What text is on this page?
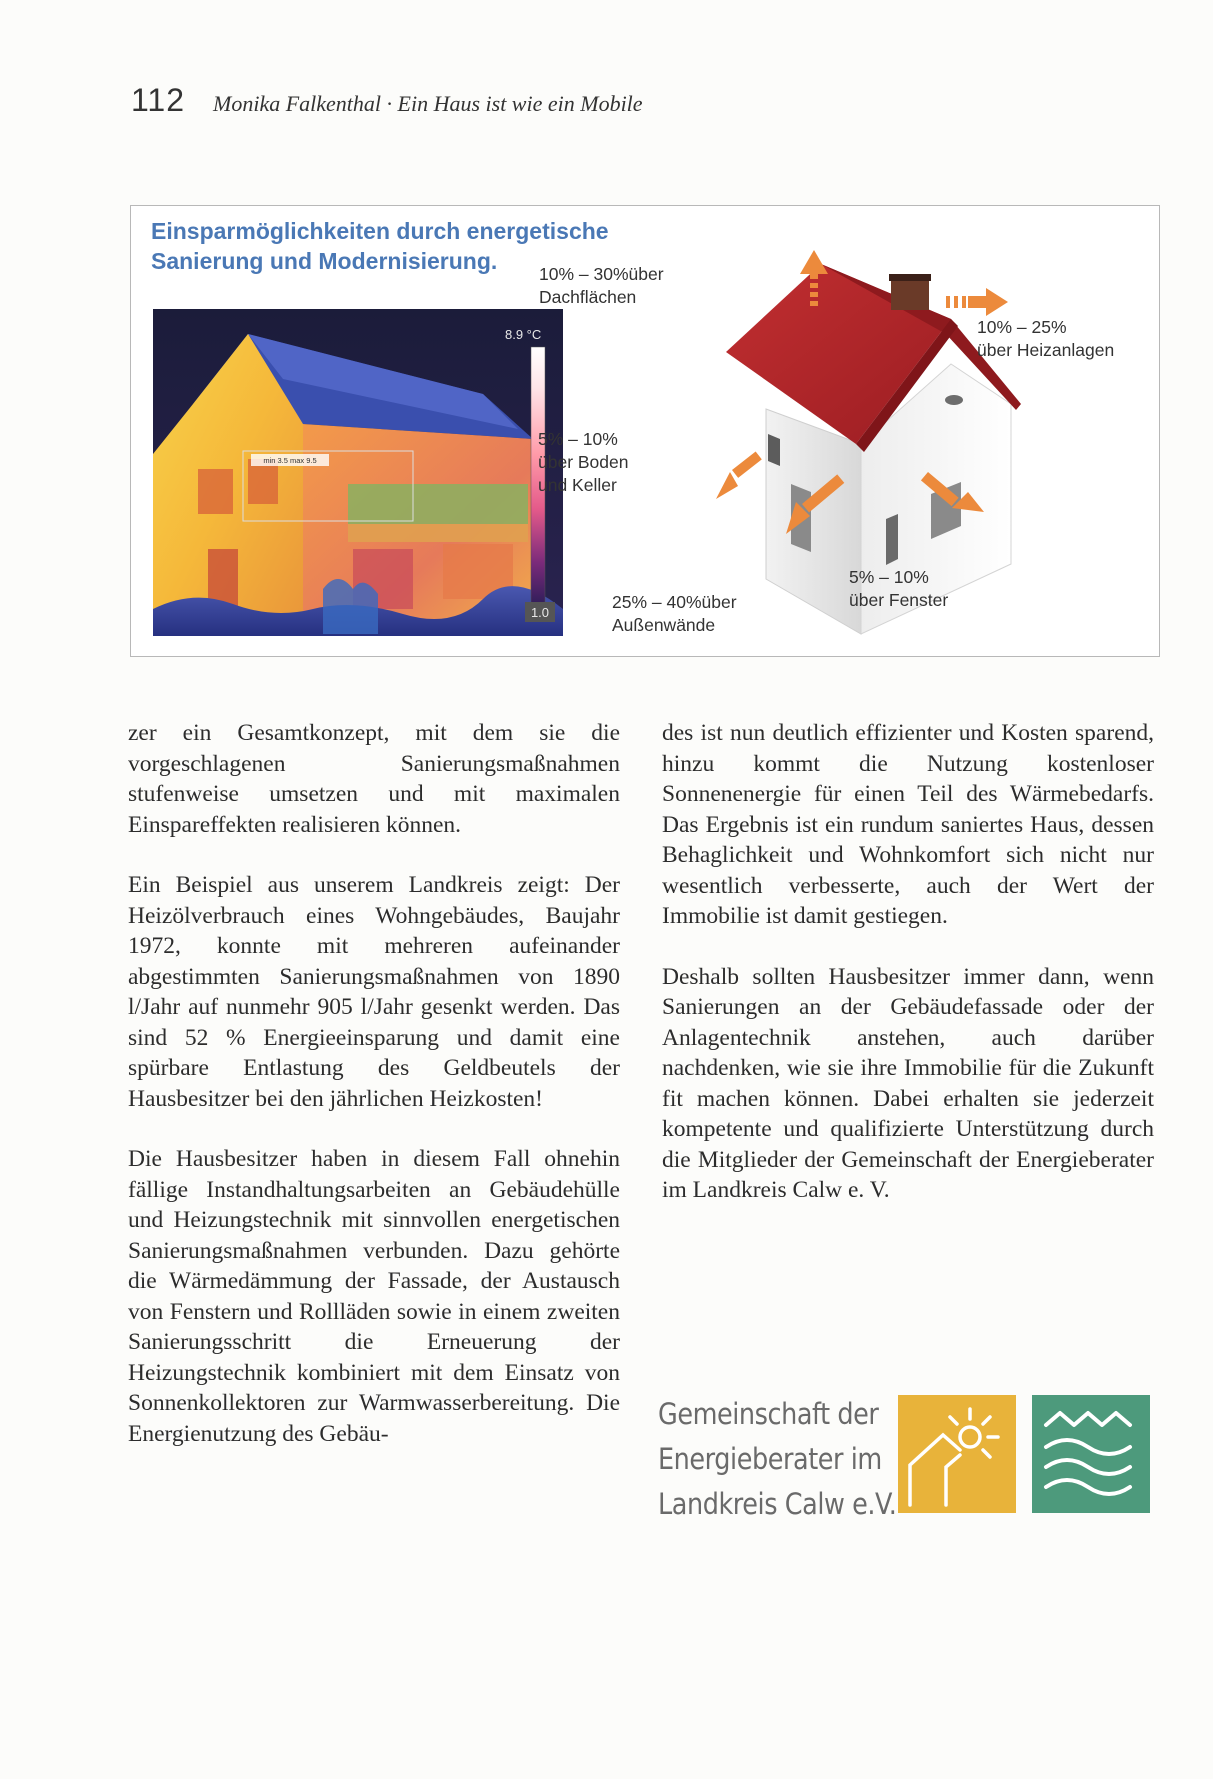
112 Monika Falkenthal · Ein Haus ist wie ein Mobile
Einsparmöglichkeiten durch energetische
Sanierung und Modernisierung.
min 3.5 max 9.5
8.9 °C
1.0
10% – 30%über
Dachflächen
10% – 25%
über Heizanlagen
5% – 10%
über Boden
und Keller
25% – 40%über
Außenwände
5% – 10%
über Fenster

zer ein Gesamtkonzept, mit dem sie die vorgeschlagenen Sanierungsmaßnahmen stufenweise umsetzen und mit maximalen Einspareffekten realisieren können.

Ein Beispiel aus unserem Landkreis zeigt: Der Heizölverbrauch eines Wohngebäudes, Baujahr 1972, konnte mit mehreren aufeinander abgestimmten Sanierungsmaßnahmen von 1890 l/Jahr auf nunmehr 905 l/Jahr gesenkt werden. Das sind 52 % Energieeinsparung und damit eine spürbare Entlastung des Geldbeutels der Hausbesitzer bei den jährlichen Heizkosten!

Die Hausbesitzer haben in diesem Fall ohnehin fällige Instandhaltungsarbeiten an Gebäudehülle und Heizungstechnik mit sinnvollen energetischen Sanierungsmaßnahmen verbunden. Dazu gehörte die Wärmedämmung der Fassade, der Austausch von Fenstern und Rollläden sowie in einem zweiten Sanierungsschritt die Erneuerung der Heizungstechnik kombiniert mit dem Einsatz von Sonnenkollektoren zur Warmwasserbereitung. Die Energienutzung des Gebäu-

des ist nun deutlich effizienter und Kosten sparend, hinzu kommt die Nutzung kostenloser Sonnenenergie für einen Teil des Wärmebedarfs. Das Ergebnis ist ein rundum saniertes Haus, dessen Behaglichkeit und Wohnkomfort sich nicht nur wesentlich verbesserte, auch der Wert der Immobilie ist damit gestiegen.

Deshalb sollten Hausbesitzer immer dann, wenn Sanierungen an der Gebäudefassade oder der Anlagentechnik anstehen, auch darüber nachdenken, wie sie ihre Immobilie für die Zukunft fit machen können. Dabei erhalten sie jederzeit kompetente und qualifizierte Unterstützung durch die Mitglieder der Gemeinschaft der Energieberater im Landkreis Calw e. V.

Gemeinschaft der
Energieberater im
Landkreis Calw e.V.
